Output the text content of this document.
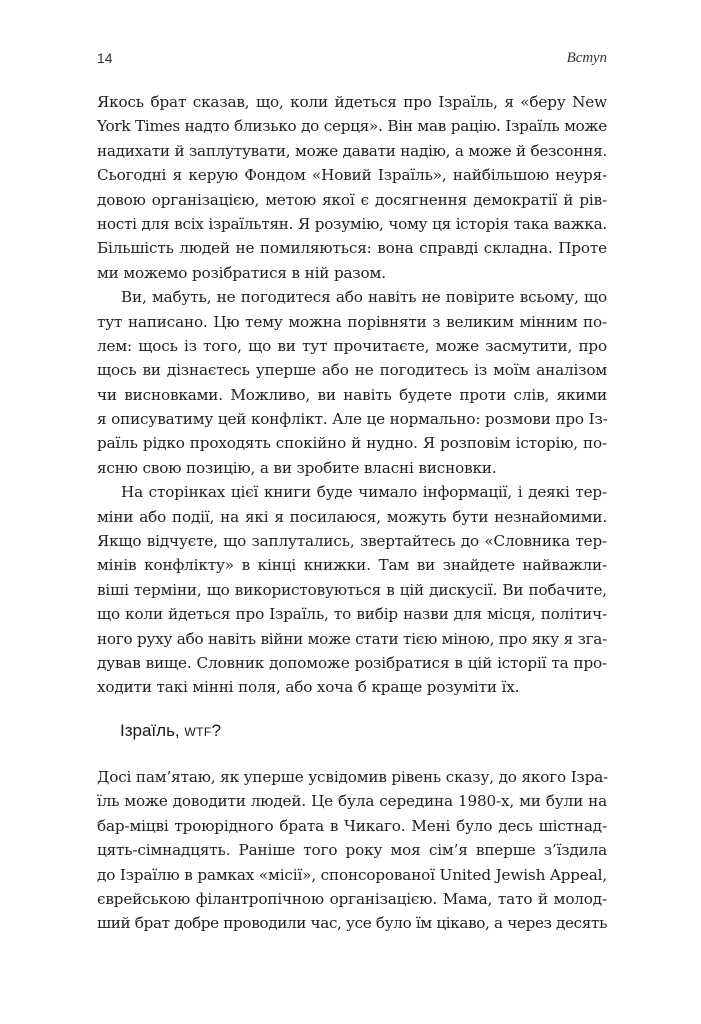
14	Вступ
Якось брат сказав, що, коли йдеться про Ізраїль, я «беру New
York Times надто близько до серця». Він мав рацію. Ізраїль може
надихати й заплутувати, може давати надію, а може й безсоння.
Сьогодні я керую Фондом «Новий Ізраїль», найбільшою неуря-
довою організацією, метою якої є досягнення демократії й рів-
ності для всіх ізраїльтян. Я розумію, чому ця історія така важка.
Більшість людей не помиляються: вона справді складна. Проте
ми можемо розібратися в ній разом.
Ви, мабуть, не погодитеся або навіть не повірите всьому, що
тут написано. Цю тему можна порівняти з великим мінним по-
лем: щось із того, що ви тут прочитаєте, може засмутити, про
щось ви дізнаєтесь уперше або не погодитесь із моїм аналізом
чи висновками. Можливо, ви навіть будете проти слів, якими
я описуватиму цей конфлікт. Але це нормально: розмови про Із-
раїль рідко проходять спокійно й нудно. Я розповім історію, по-
ясню свою позицію, а ви зробите власні висновки.
На сторінках цієї книги буде чимало інформації, і деякі тер-
міни або події, на які я посилаюся, можуть бути незнайомими.
Якщо відчуєте, що заплутались, звертайтесь до «Словника тер-
мінів конфлікту» в кінці книжки. Там ви знайдете найважли-
віші терміни, що використовуються в цій дискусії. Ви побачите,
що коли йдеться про Ізраїль, то вибір назви для місця, політич-
ного руху або навіть війни може стати тією міною, про яку я зга-
дував вище. Словник допоможе розібратися в цій історії та про-
ходити такі мінні поля, або хоча б краще розуміти їх.
Ізраїль, wtf?
Досі пам’ятаю, як уперше усвідомив рівень сказу, до якого Ізра-
їль може доводити людей. Це була середина 1980-х, ми були на
бар-міцві троюрідного брата в Чикаго. Мені було десь шістнад-
цять-сімнадцять. Раніше того року моя сім’я вперше з’їздила
до Ізраїлю в рамках «місії», спонсорованої United Jewish Appeal,
єврейською філантропічною організацією. Мама, тато й молод-
ший брат добре проводили час, усе було їм цікаво, а через десять
